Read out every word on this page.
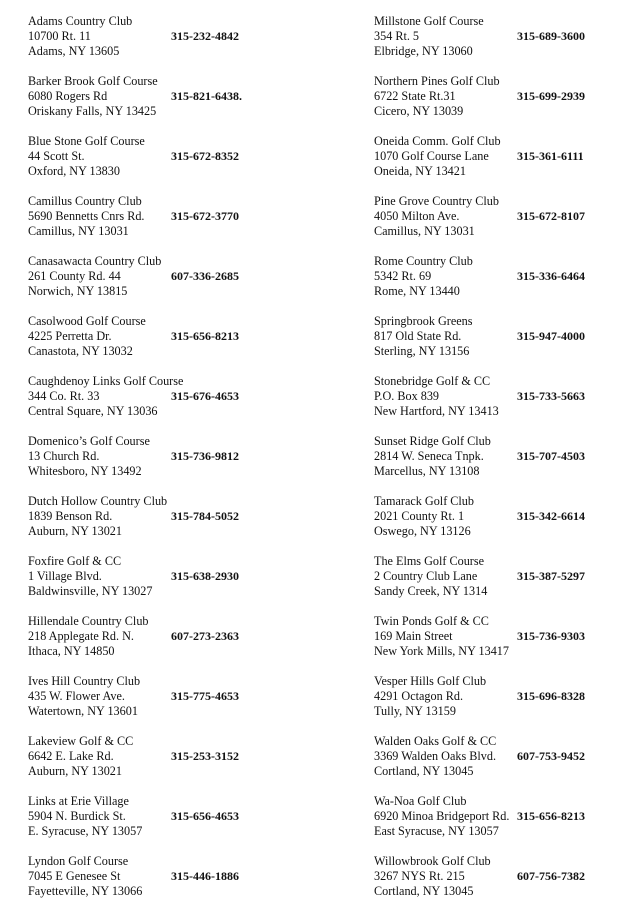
Adams Country Club
10700 Rt. 11
Adams, NY 13605
315-232-4842
Barker Brook Golf Course
6080 Rogers Rd
Oriskany Falls, NY 13425
315-821-6438.
Blue Stone Golf Course
44 Scott St.
Oxford, NY 13830
315-672-8352
Camillus Country Club
5690 Bennetts Cnrs Rd.
Camillus, NY 13031
315-672-3770
Canasawacta Country Club
261 County Rd. 44
Norwich, NY 13815
607-336-2685
Casolwood Golf Course
4225 Perretta Dr.
Canastota, NY 13032
315-656-8213
Caughdenoy Links Golf Course
344 Co. Rt. 33
Central Square, NY 13036
315-676-4653
Domenico’s Golf Course
13 Church Rd.
Whitesboro, NY 13492
315-736-9812
Dutch Hollow Country Club
1839 Benson Rd.
Auburn, NY 13021
315-784-5052
Foxfire Golf & CC
1 Village Blvd.
Baldwinsville, NY 13027
315-638-2930
Hillendale Country Club
218 Applegate Rd. N.
Ithaca, NY 14850
607-273-2363
Ives Hill Country Club
435 W. Flower Ave.
Watertown, NY 13601
315-775-4653
Lakeview Golf & CC
6642 E. Lake Rd.
Auburn, NY 13021
315-253-3152
Links at Erie Village
5904 N. Burdick St.
E. Syracuse, NY 13057
315-656-4653
Lyndon Golf Course
7045 E Genesee St
Fayetteville, NY 13066
315-446-1886
Millstone Golf Course
354 Rt. 5
Elbridge, NY 13060
315-689-3600
Northern Pines Golf Club
6722 State Rt.31
Cicero, NY 13039
315-699-2939
Oneida Comm. Golf Club
1070 Golf Course Lane
Oneida, NY 13421
315-361-6111
Pine Grove Country Club
4050 Milton Ave.
Camillus, NY 13031
315-672-8107
Rome Country Club
5342 Rt. 69
Rome, NY 13440
315-336-6464
Springbrook Greens
817 Old State Rd.
Sterling, NY 13156
315-947-4000
Stonebridge Golf & CC
P.O. Box 839
New Hartford, NY 13413
315-733-5663
Sunset Ridge Golf Club
2814 W. Seneca Tnpk.
Marcellus, NY 13108
315-707-4503
Tamarack Golf Club
2021 County Rt. 1
Oswego, NY 13126
315-342-6614
The Elms Golf Course
2 Country Club Lane
Sandy Creek, NY 1314
315-387-5297
Twin Ponds Golf & CC
169 Main Street
New York Mills, NY 13417
315-736-9303
Vesper Hills Golf Club
4291 Octagon Rd.
Tully, NY 13159
315-696-8328
Walden Oaks Golf & CC
3369 Walden Oaks Blvd.
Cortland, NY 13045
607-753-9452
Wa-Noa Golf Club
6920 Minoa Bridgeport Rd.
East Syracuse, NY 13057
315-656-8213
Willowbrook Golf Club
3267 NYS Rt. 215
Cortland, NY 13045
607-756-7382
